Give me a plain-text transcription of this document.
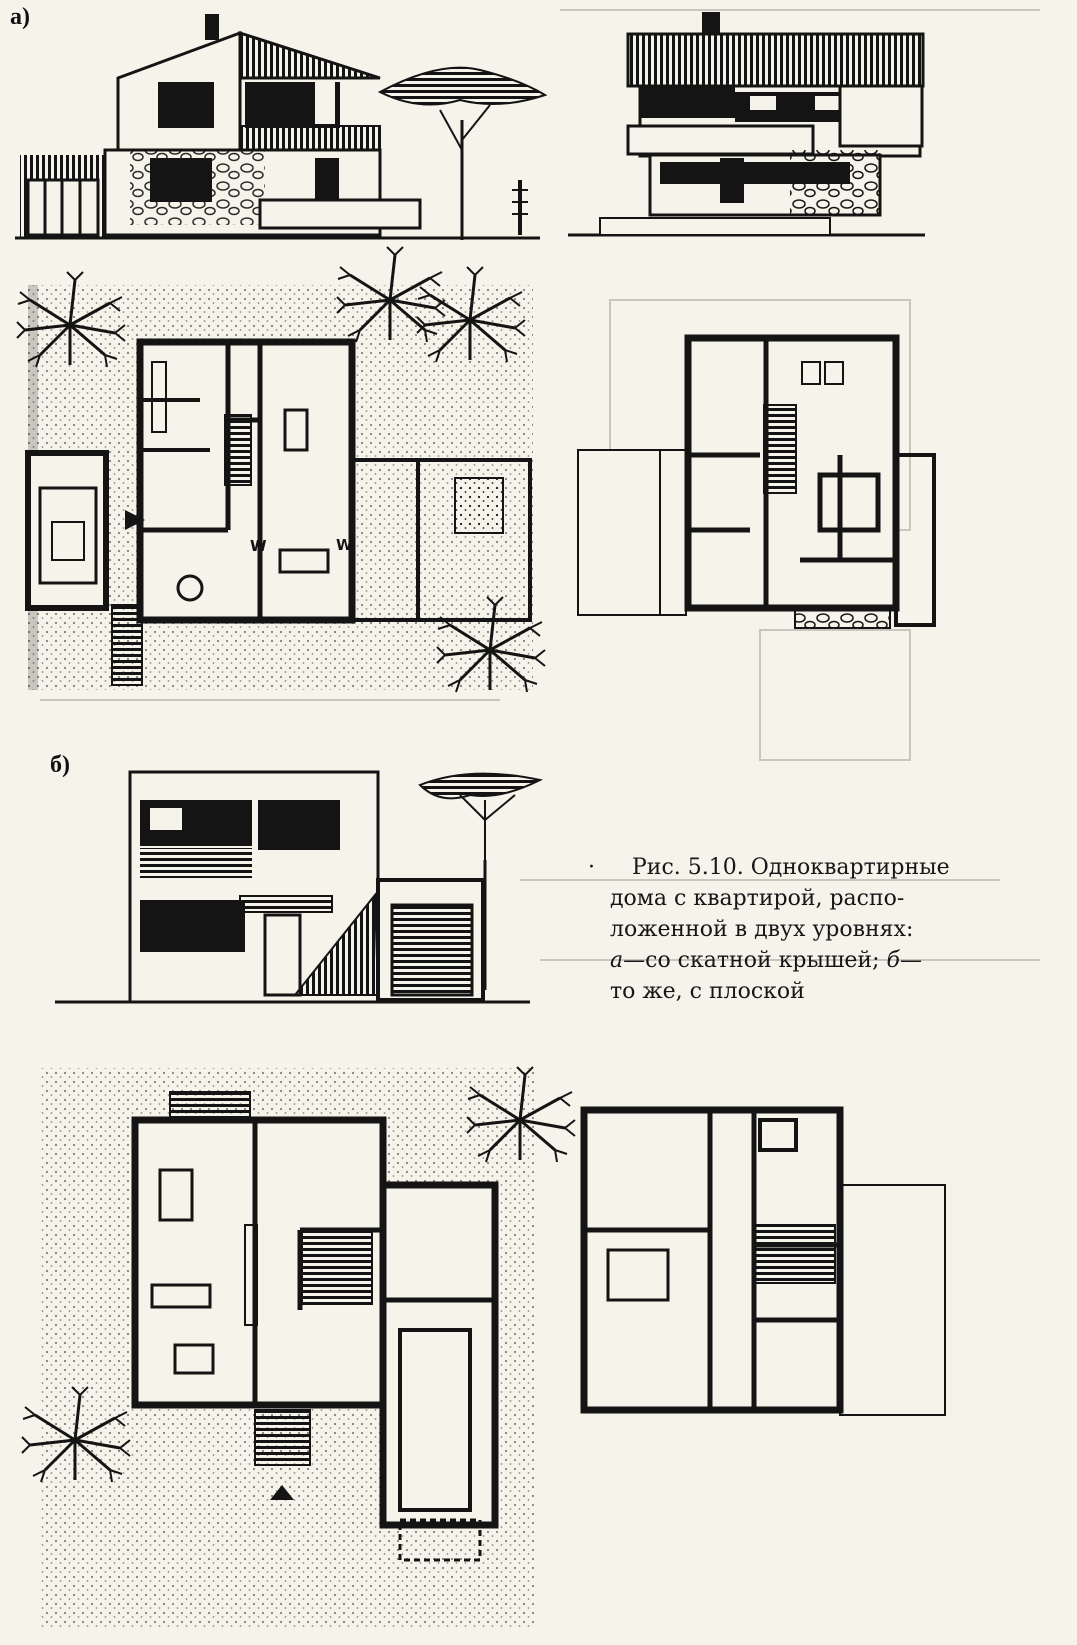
W	W
а)
б)
·	Рис. 5.10. Одноквартирные
дома с квартирой, распо-
ложенной в двух уровнях:
а—со скатной крышей; б—
то же, с плоской
